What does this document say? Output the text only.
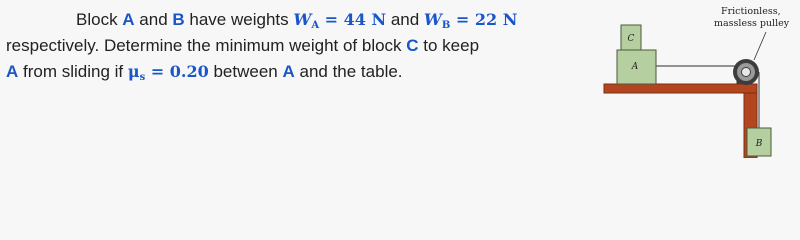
Block A and B have weights $W_A = 44$ N and $W_B = 22$ N
respectively. Determine the minimum weight of block C to keep
A from sliding if $\mu_s = 0.20$ between A and the table.
Frictionless,
massless pulley
A
C
B
